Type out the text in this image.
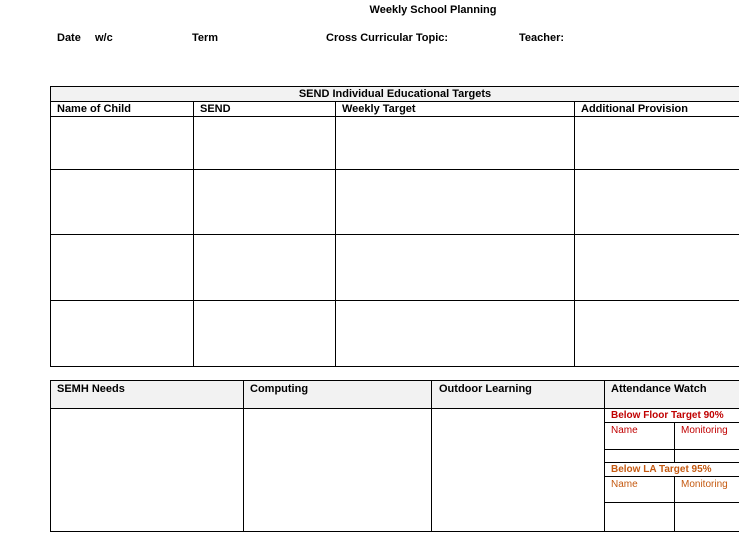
Weekly School Planning
Date w/c	Term	Cross Curricular Topic:	Teacher:
SEND Individual Educational Targets
Name of Child	SEND	Weekly Target	Additional Provision
SEMH Needs	Computing	Outdoor Learning	Attendance Watch
Below Floor Target 90%
Name	Monitoring
Below LA Target 95%
Name	Monitoring
